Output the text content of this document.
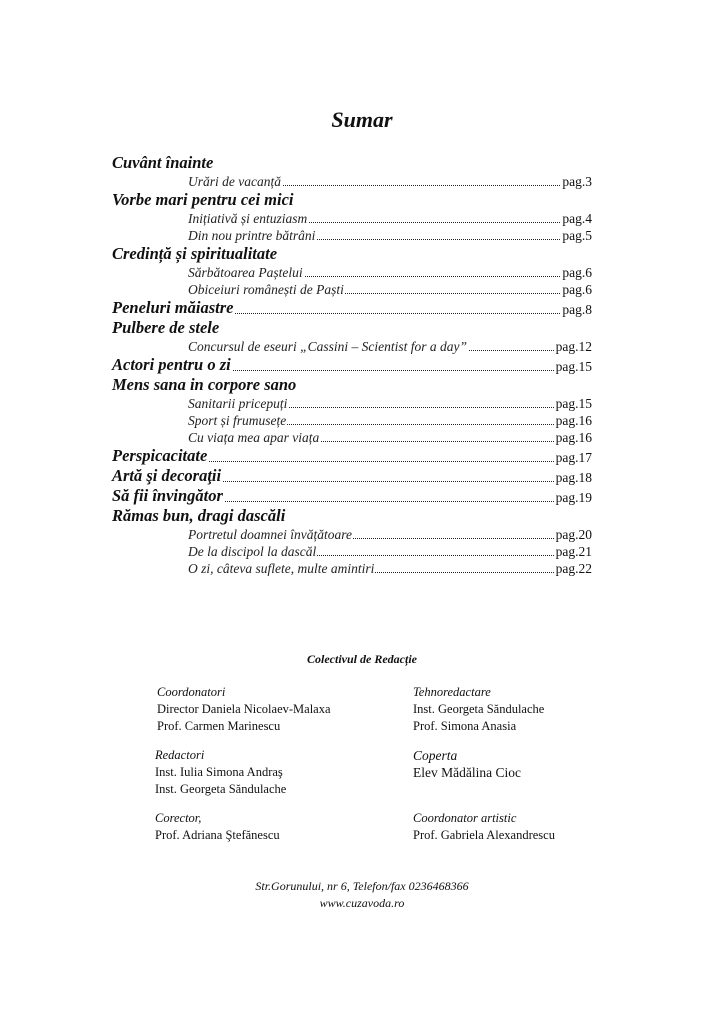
Sumar
Cuvânt înainte
Urări de vacanță	pag.3
Vorbe mari pentru cei mici
Inițiativă și entuziasm	pag.4
Din nou printre bătrâni	pag.5
Credință și spiritualitate
Sărbătoarea Paștelui	pag.6
Obiceiuri românești de Paști	pag.6
Peneluri măiastre	pag.8
Pulbere de stele
Concursul de eseuri „Cassini – Scientist for a day”	pag.12
Actori pentru o zi	pag.15
Mens sana in corpore sano
Sanitarii pricepuți	pag.15
Sport și frumusețe	pag.16
Cu viața mea apar viața	pag.16
Perspicacitate	pag.17
Artă şi decoraţii	pag.18
Să fii învingător	pag.19
Rămas bun, dragi dascăli
Portretul doamnei învățătoare	pag.20
De la discipol la dascăl	pag.21
O zi, câteva suflete, multe amintiri	pag.22
Colectivul de Redacție
Coordonatori
Director Daniela Nicolaev-Malaxa
Prof. Carmen Marinescu
Tehnoredactare
Inst. Georgeta Săndulache
Prof. Simona Anasia
Redactori
Inst. Iulia Simona Andraş
Inst. Georgeta Săndulache
Coperta
Elev Mădălina Cioc
Corector,
Prof. Adriana Ştefănescu
Coordonator artistic
Prof. Gabriela Alexandrescu
Str.Gorunului, nr 6, Telefon/fax 0236468366
www.cuzavoda.ro
